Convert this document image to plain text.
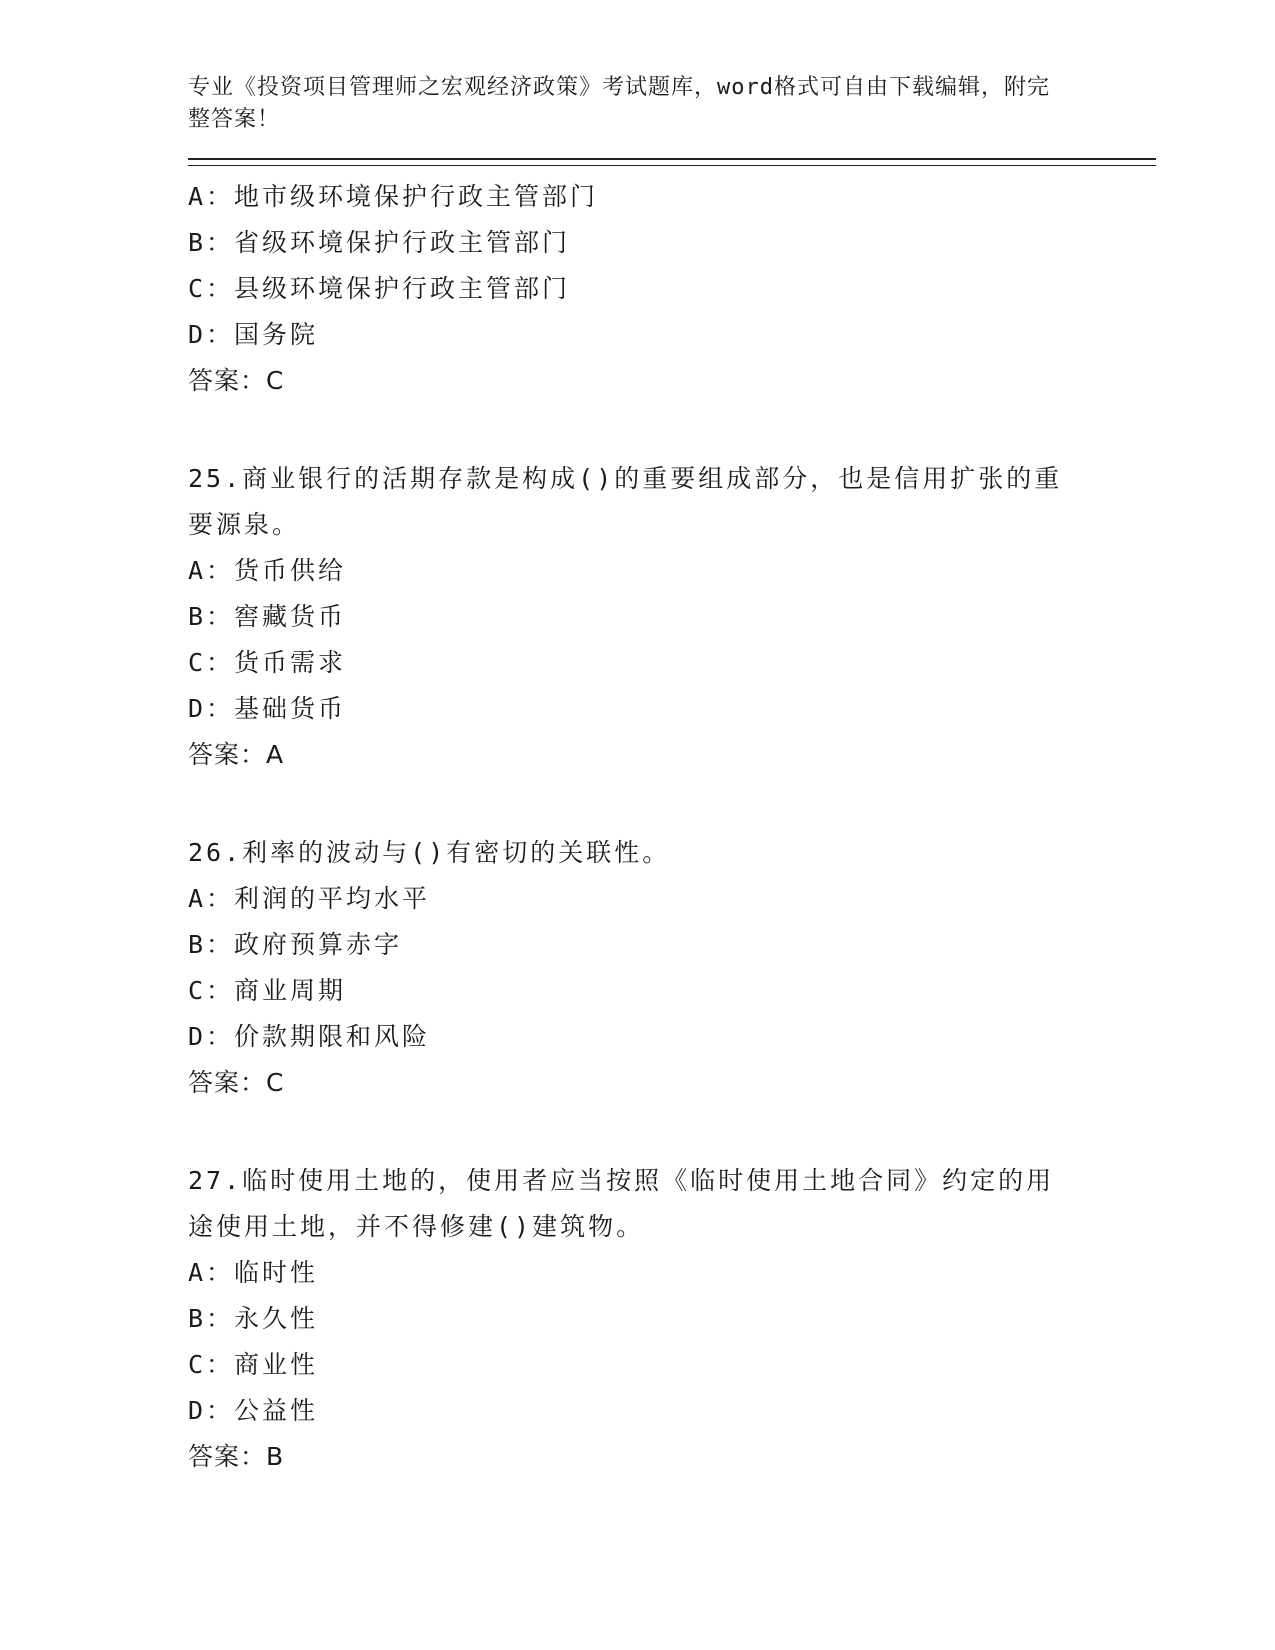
专业《投资项目管理师之宏观经济政策》考试题库，word格式可自由下载编辑，附完整答案！

A：地市级环境保护行政主管部门
B：省级环境保护行政主管部门
C：县级环境保护行政主管部门
D：国务院
答案：C
25.商业银行的活期存款是构成()的重要组成部分，也是信用扩张的重要源泉。
A：货币供给
B：窖藏货币
C：货币需求
D：基础货币
答案：A
26.利率的波动与()有密切的关联性。
A：利润的平均水平
B：政府预算赤字
C：商业周期
D：价款期限和风险
答案：C
27.临时使用土地的，使用者应当按照《临时使用土地合同》约定的用途使用土地，并不得修建()建筑物。
A：临时性
B：永久性
C：商业性
D：公益性
答案：B
